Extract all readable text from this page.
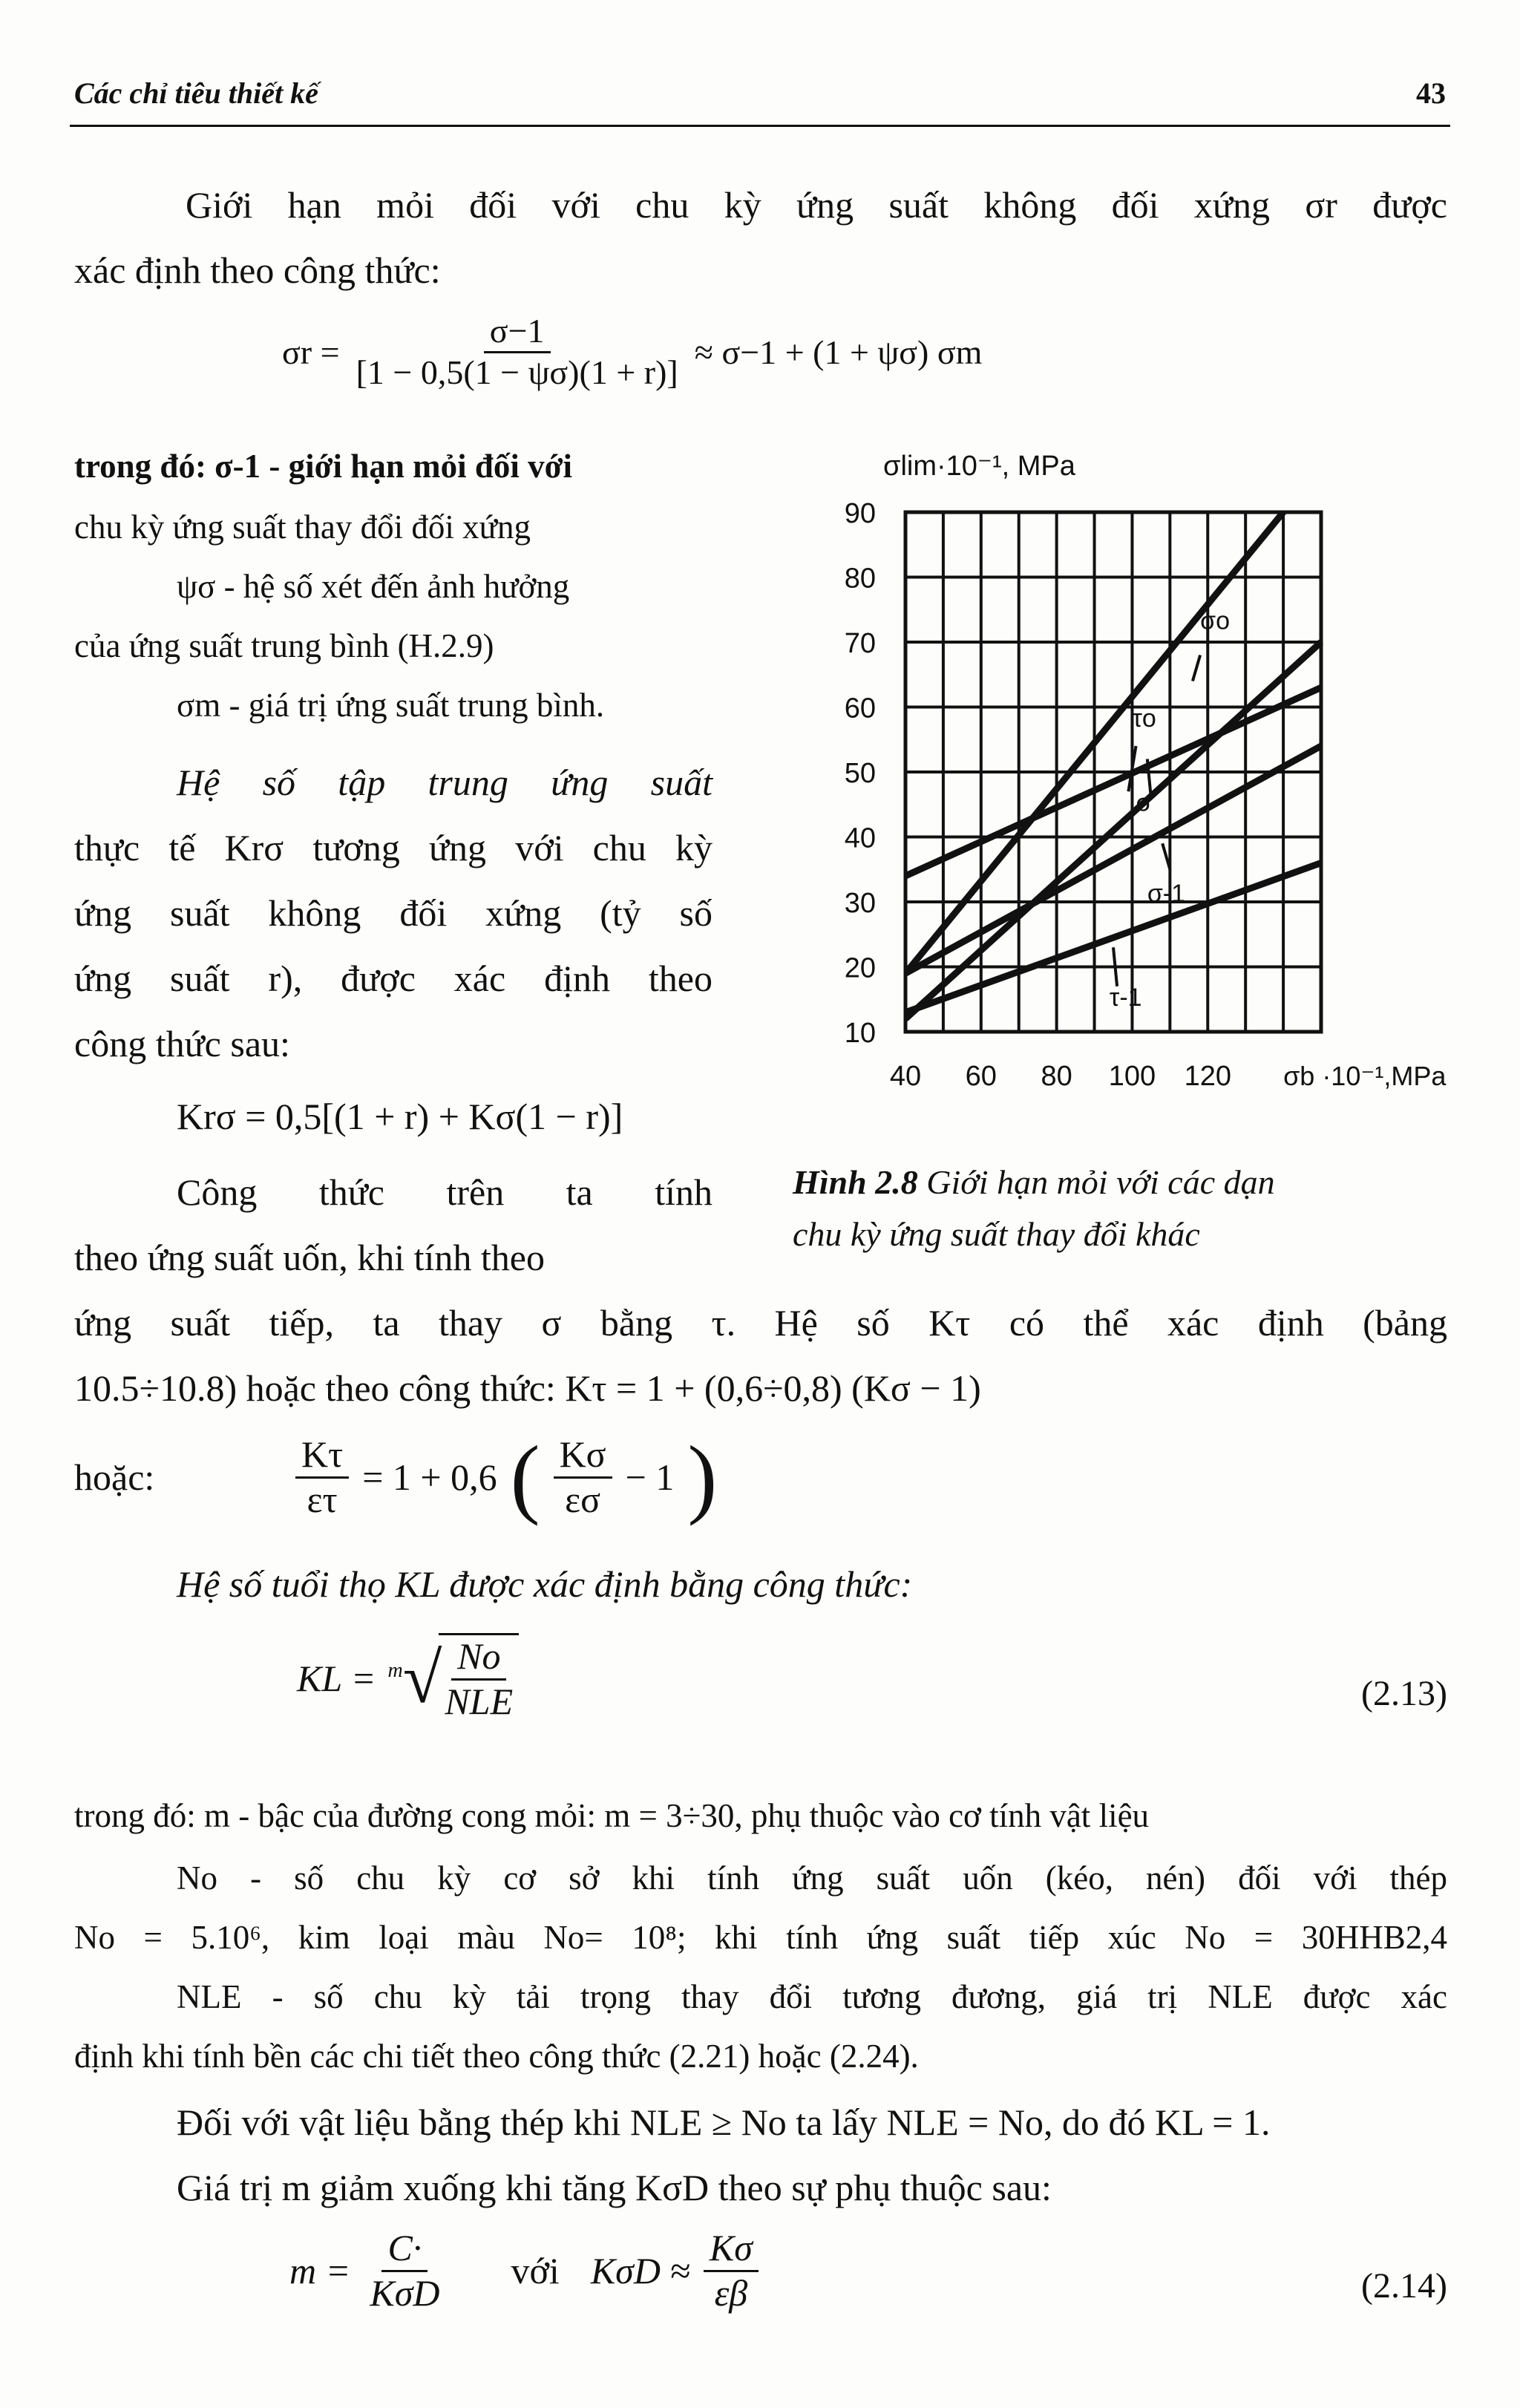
Các chỉ tiêu thiết kế	43
Giới hạn mỏi đối với chu kỳ ứng suất không đối xứng σr được
xác định theo công thức:
$\sigma r = \frac{\sigma-1}{[1 - 0,5(1 - \psi\sigma)(1 + r)]} \approx \sigma-1 + (1 + \psi\sigma)$ σm
trong đó: σ-1 - giới hạn mỏi đối với
chu kỳ ứng suất thay đổi đối xứng
ψσ - hệ số xét đến ảnh hưởng
của ứng suất trung bình (H.2.9)
σm - giá trị ứng suất trung bình.
Hệ số tập trung ứng suất
thực tế Krσ tương ứng với chu kỳ
ứng suất không đối xứng (tỷ số
ứng suất r), được xác định theo
công thức sau:
Krσ = 0,5[(1 + r) + Kσ(1 − r)]
Công thức trên ta tính
theo ứng suất uốn, khi tính theo
10
20
30
40
50
60
70
80
90
40 60 80 100 120
σlim·10⁻¹, MPa
σb ·10⁻¹,MPa
σo
τo
σ
σ-1
τ-1
Hình 2.8 Giới hạn mỏi với các dạn
chu kỳ ứng suất thay đổi khác
ứng suất tiếp, ta thay σ bằng τ. Hệ số Kτ có thể xác định (bảng
10.5÷10.8) hoặc theo công thức: Kτ = 1 + (0,6÷0,8) (Kσ − 1)
hoặc:	$\frac{K\tau}{\varepsilon\tau} = 1 + 0,6$ ( $\frac{K\sigma}{\varepsilon\sigma} - 1$ )
Hệ số tuổi thọ KL được xác định bằng công thức:
KL = m √
$\frac{No}{\text{NLE}}$	(2.13)
trong đó: m - bậc của đường cong mỏi: m = 3÷30, phụ thuộc vào cơ tính vật liệu
No - số chu kỳ cơ sở khi tính ứng suất uốn (kéo, nén) đối với thép
No = 5.10⁶, kim loại màu No= 10⁸; khi tính ứng suất tiếp xúc No = 30HHB2,4
NLE - số chu kỳ tải trọng thay đổi tương đương, giá trị NLE được xác
định khi tính bền các chi tiết theo công thức (2.21) hoặc (2.24).
Đối với vật liệu bằng thép khi NLE ≥ No ta lấy NLE = No, do đó KL = 1.
Giá trị m giảm xuống khi tăng KσD theo sự phụ thuộc sau:
$m = \frac{C\cdot}{\text{KσD}}$ với $K\sigma D \approx \frac{K\sigma}{\varepsilon\beta}$	(2.14)
